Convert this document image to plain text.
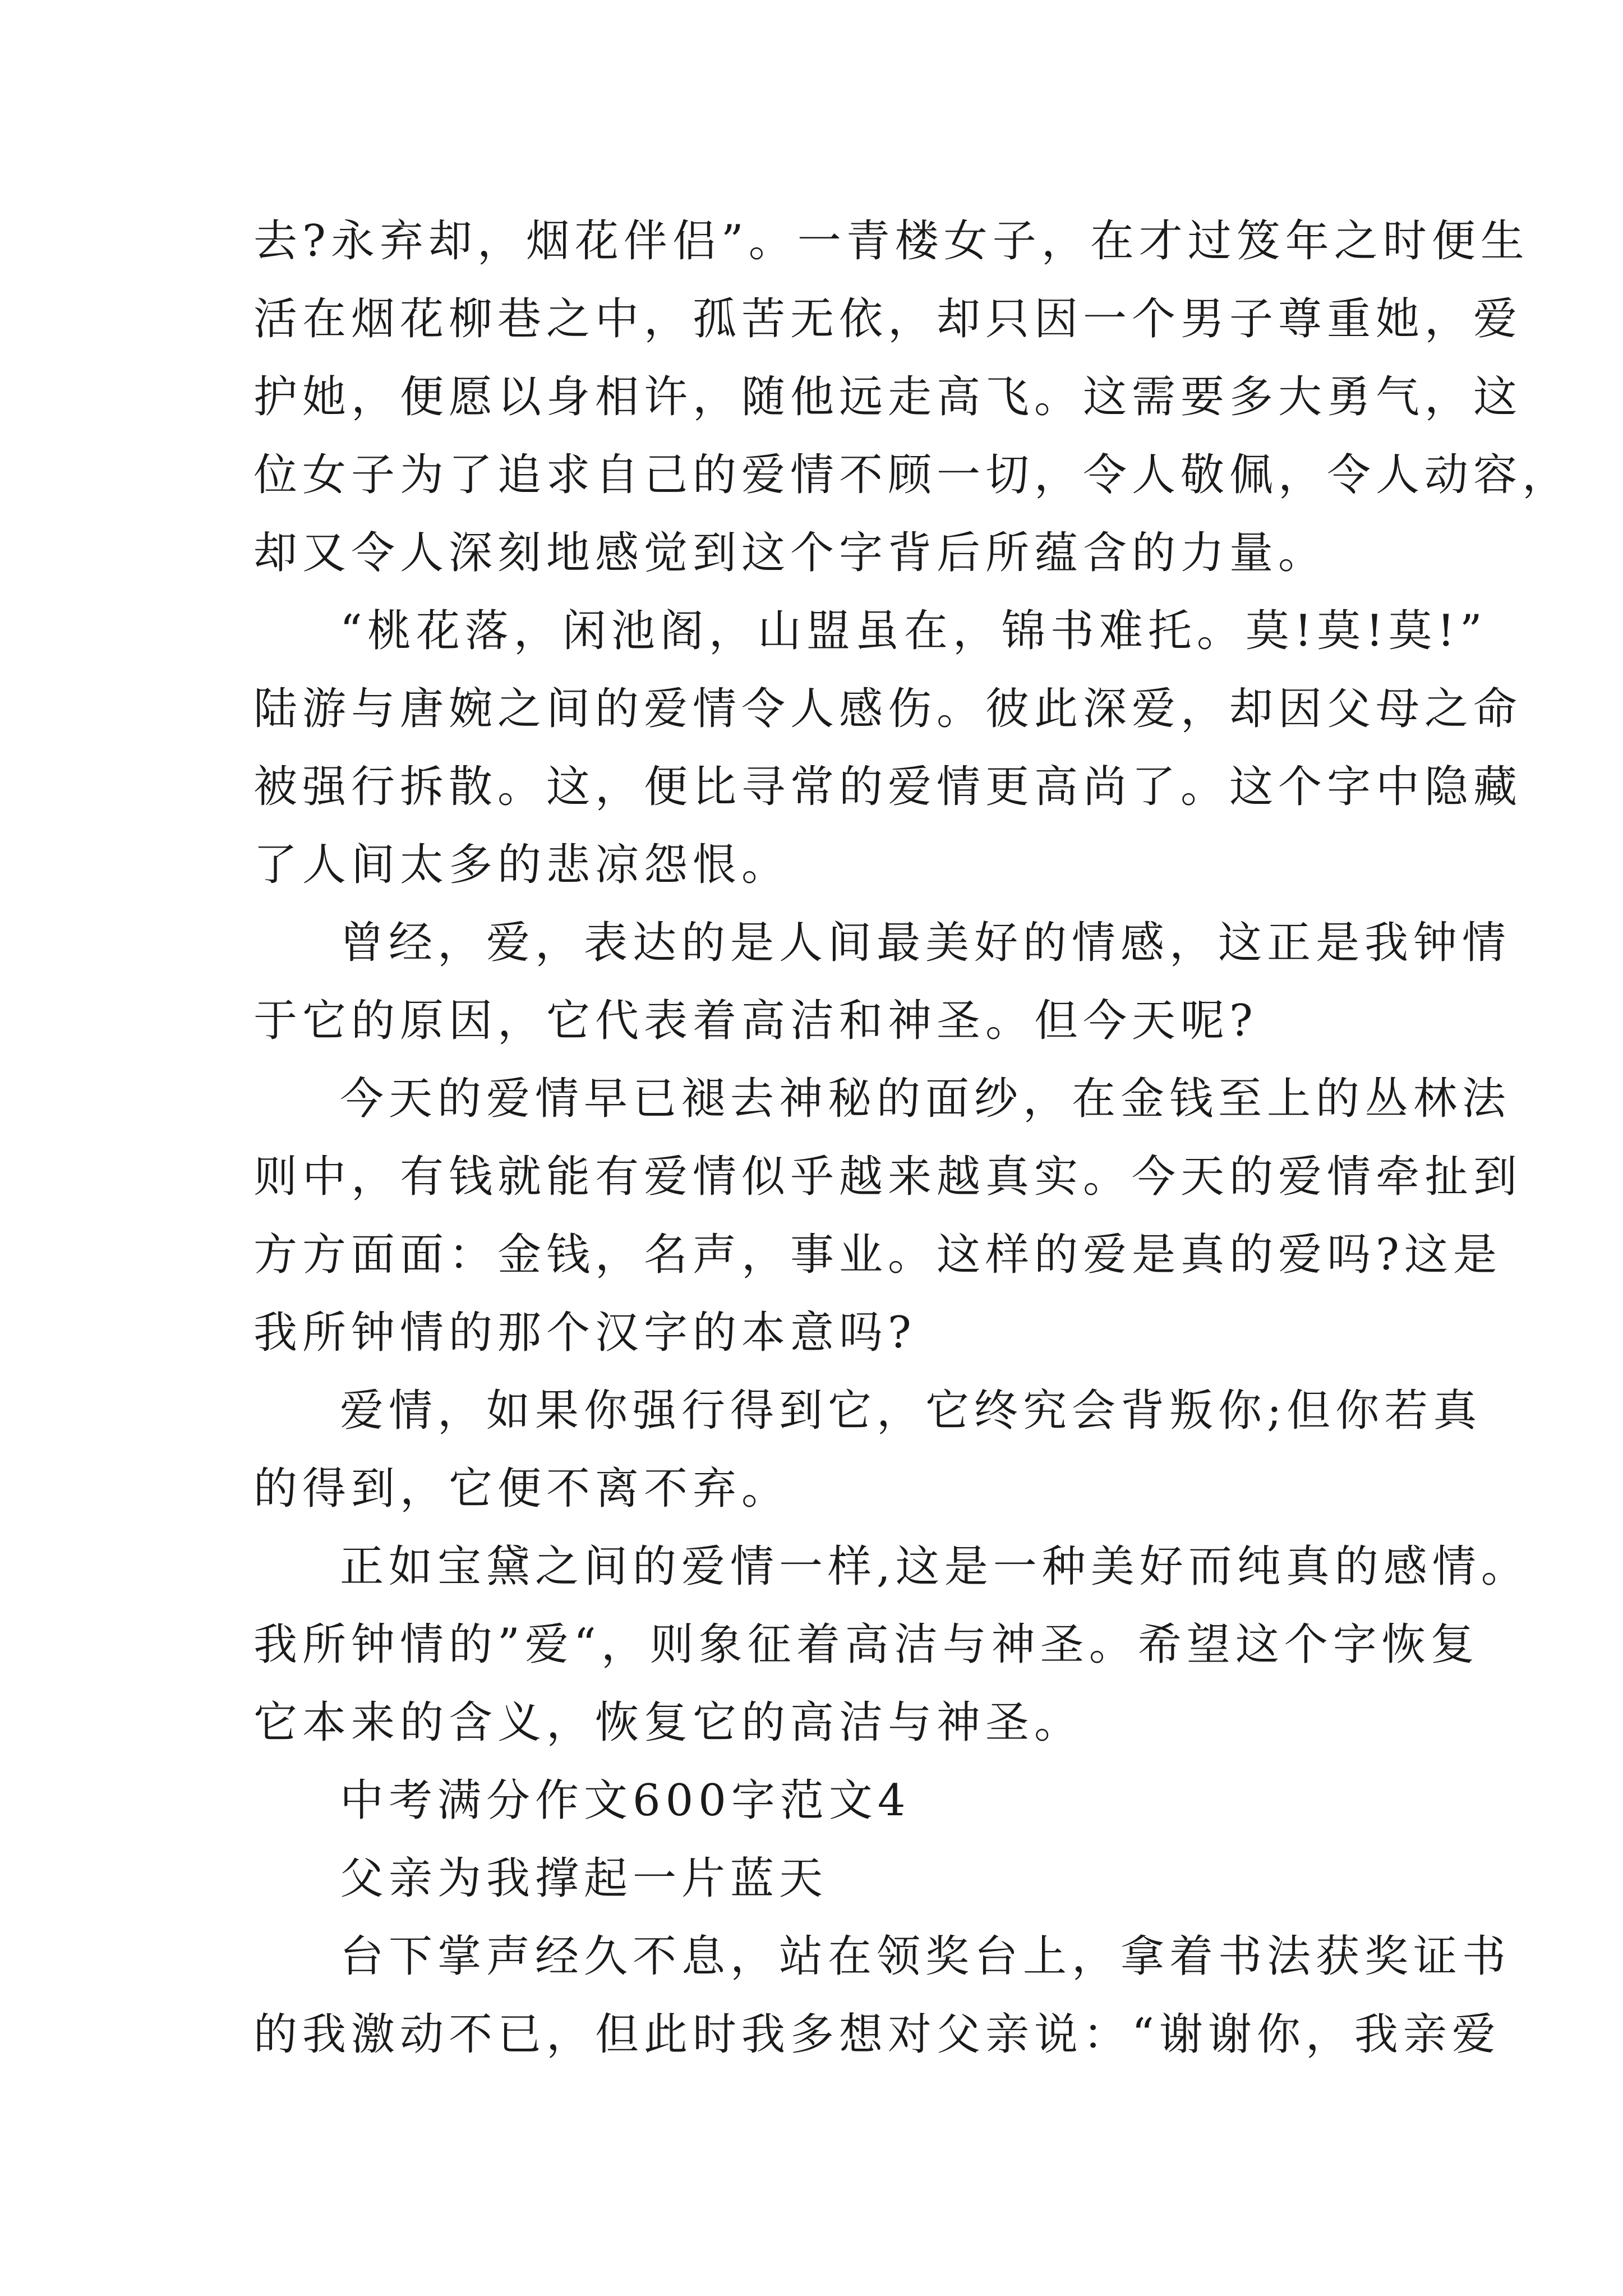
去?永弃却，烟花伴侣”。一青楼女子，在才过笈年之时便生
活在烟花柳巷之中，孤苦无依，却只因一个男子尊重她，爱
护她，便愿以身相许，随他远走高飞。这需要多大勇气，这
位女子为了追求自己的爱情不顾一切，令人敬佩，令人动容，
却又令人深刻地感觉到这个字背后所蕴含的力量。
“桃花落，闲池阁，山盟虽在，锦书难托。莫!莫!莫!”
陆游与唐婉之间的爱情令人感伤。彼此深爱，却因父母之命
被强行拆散。这，便比寻常的爱情更高尚了。这个字中隐藏
了人间太多的悲凉怨恨。
曾经，爱，表达的是人间最美好的情感，这正是我钟情
于它的原因，它代表着高洁和神圣。但今天呢?
今天的爱情早已褪去神秘的面纱，在金钱至上的丛林法
则中，有钱就能有爱情似乎越来越真实。今天的爱情牵扯到
方方面面：金钱，名声，事业。这样的爱是真的爱吗?这是
我所钟情的那个汉字的本意吗?
爱情，如果你强行得到它，它终究会背叛你;但你若真
的得到，它便不离不弃。
正如宝黛之间的爱情一样,这是一种美好而纯真的感情。
我所钟情的”爱“，则象征着高洁与神圣。希望这个字恢复
它本来的含义，恢复它的高洁与神圣。
中考满分作文600字范文4
父亲为我撑起一片蓝天
台下掌声经久不息，站在领奖台上，拿着书法获奖证书
的我激动不已，但此时我多想对父亲说：“谢谢你，我亲爱
